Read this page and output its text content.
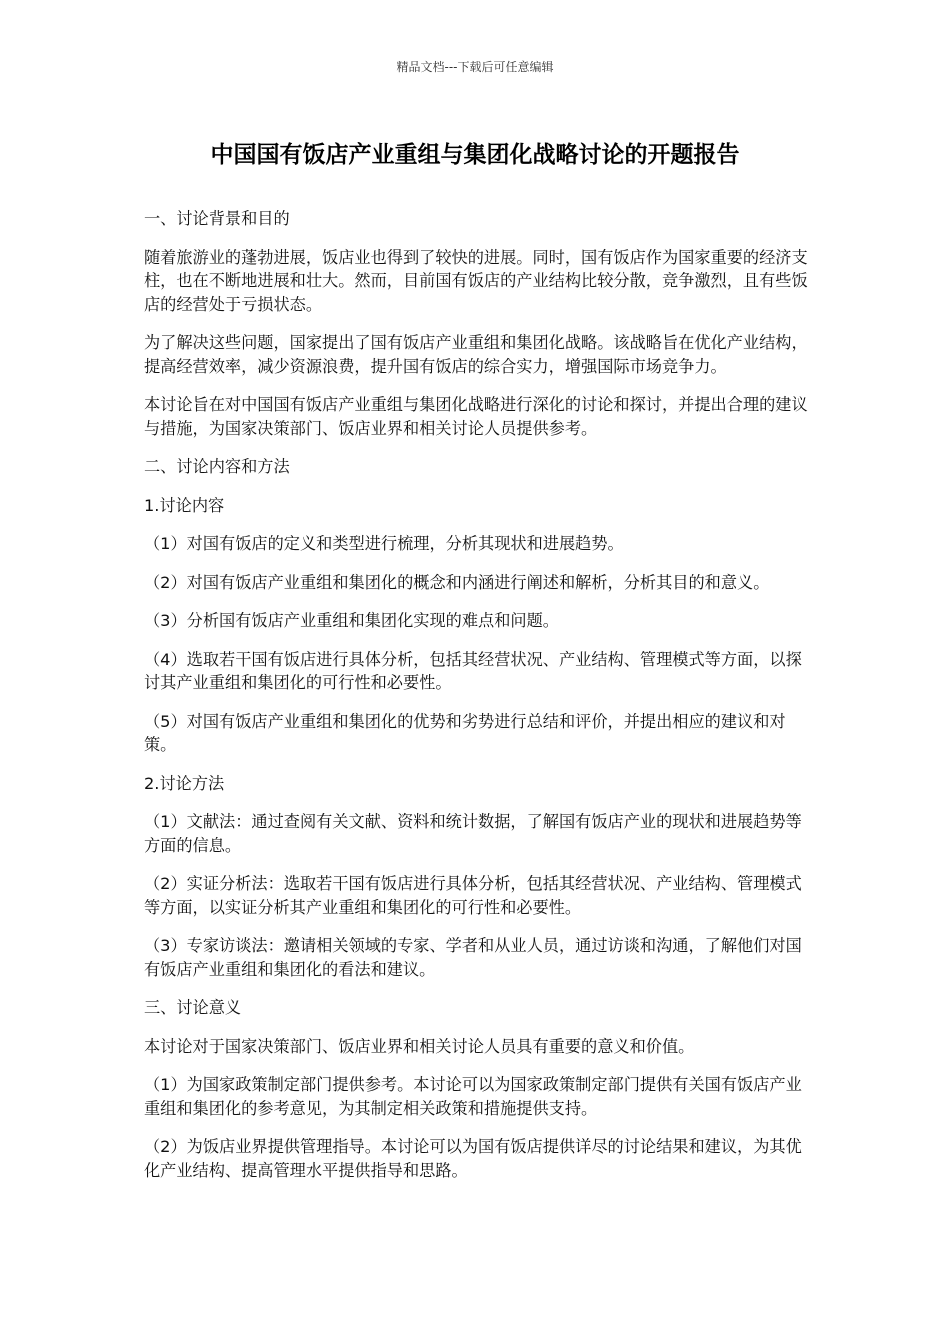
精品文档---下载后可任意编辑
中国国有饭店产业重组与集团化战略讨论的开题报告

一、讨论背景和目的

随着旅游业的蓬勃进展，饭店业也得到了较快的进展。同时，国有饭店作为国家重要的经济支柱，也在不断地进展和壮大。然而，目前国有饭店的产业结构比较分散，竞争激烈，且有些饭店的经营处于亏损状态。

为了解决这些问题，国家提出了国有饭店产业重组和集团化战略。该战略旨在优化产业结构，提高经营效率，减少资源浪费，提升国有饭店的综合实力，增强国际市场竞争力。

本讨论旨在对中国国有饭店产业重组与集团化战略进行深化的讨论和探讨，并提出合理的建议与措施，为国家决策部门、饭店业界和相关讨论人员提供参考。

二、讨论内容和方法

1.讨论内容

（1）对国有饭店的定义和类型进行梳理，分析其现状和进展趋势。

（2）对国有饭店产业重组和集团化的概念和内涵进行阐述和解析，分析其目的和意义。

（3）分析国有饭店产业重组和集团化实现的难点和问题。

（4）选取若干国有饭店进行具体分析，包括其经营状况、产业结构、管理模式等方面，以探讨其产业重组和集团化的可行性和必要性。

（5）对国有饭店产业重组和集团化的优势和劣势进行总结和评价，并提出相应的建议和对策。

2.讨论方法

（1）文献法：通过查阅有关文献、资料和统计数据，了解国有饭店产业的现状和进展趋势等方面的信息。

（2）实证分析法：选取若干国有饭店进行具体分析，包括其经营状况、产业结构、管理模式等方面，以实证分析其产业重组和集团化的可行性和必要性。

（3）专家访谈法：邀请相关领域的专家、学者和从业人员，通过访谈和沟通，了解他们对国有饭店产业重组和集团化的看法和建议。

三、讨论意义

本讨论对于国家决策部门、饭店业界和相关讨论人员具有重要的意义和价值。

（1）为国家政策制定部门提供参考。本讨论可以为国家政策制定部门提供有关国有饭店产业重组和集团化的参考意见，为其制定相关政策和措施提供支持。

（2）为饭店业界提供管理指导。本讨论可以为国有饭店提供详尽的讨论结果和建议，为其优化产业结构、提高管理水平提供指导和思路。
